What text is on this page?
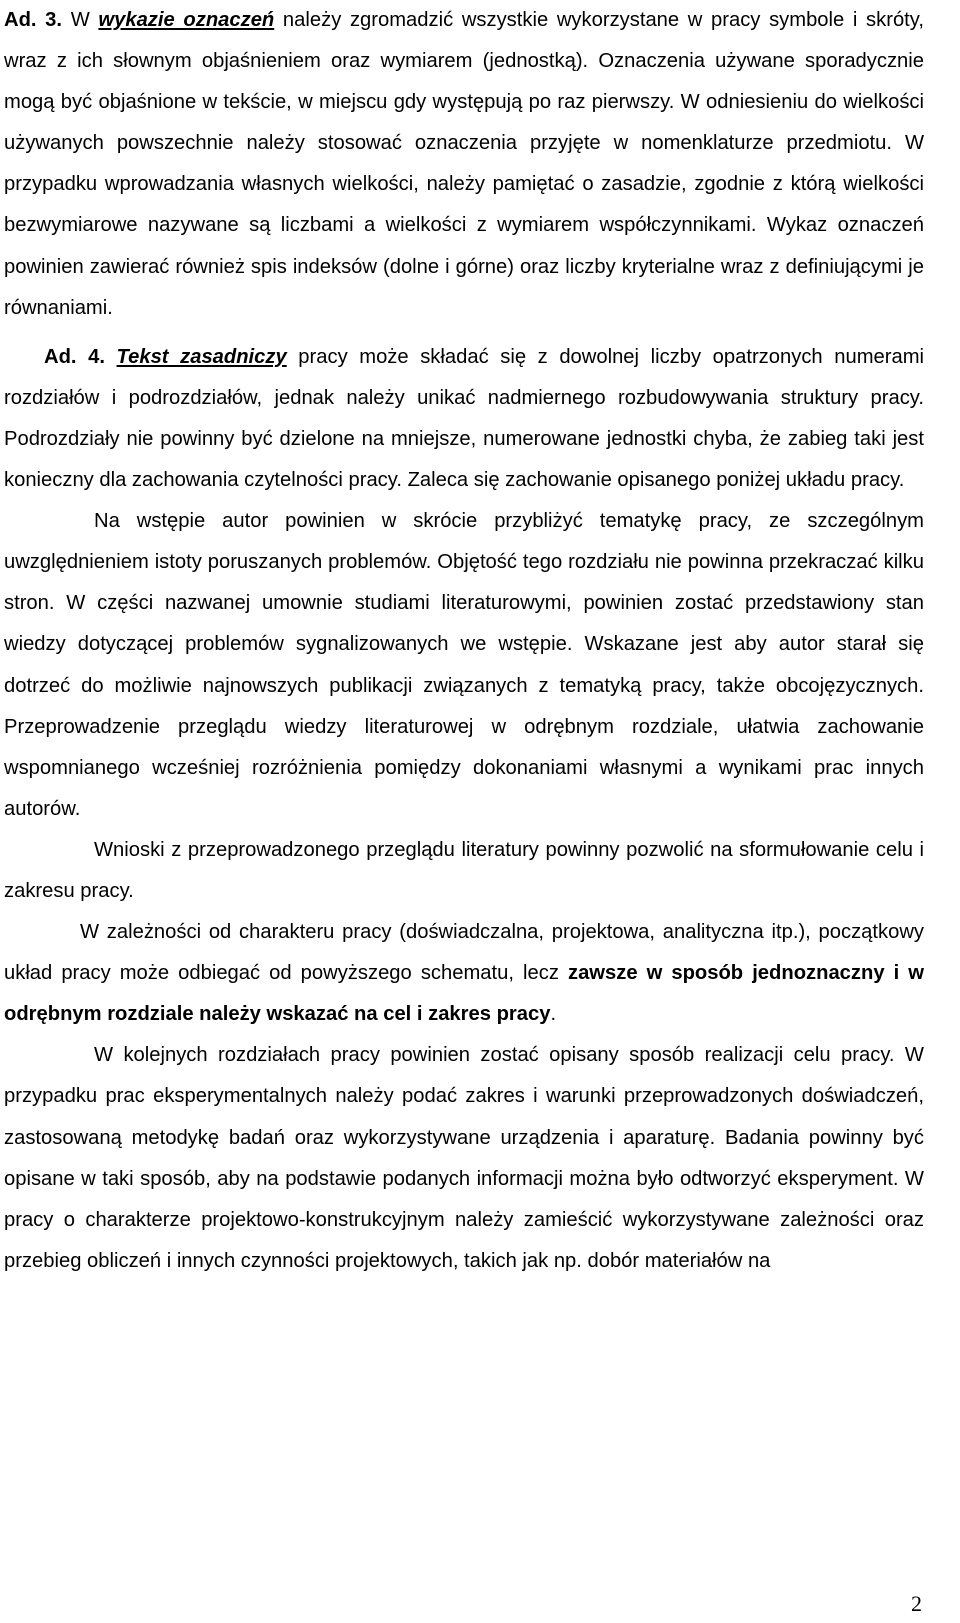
Ad. 3. W wykazie oznaczeń należy zgromadzić wszystkie wykorzystane w pracy symbole i skróty, wraz z ich słownym objaśnieniem oraz wymiarem (jednostką). Oznaczenia używane sporadycznie mogą być objaśnione w tekście, w miejscu gdy występują po raz pierwszy. W odniesieniu do wielkości używanych powszechnie należy stosować oznaczenia przyjęte w nomenklaturze przedmiotu. W przypadku wprowadzania własnych wielkości, należy pamiętać o zasadzie, zgodnie z którą wielkości bezwymiarowe nazywane są liczbami a wielkości z wymiarem współczynnikami. Wykaz oznaczeń powinien zawierać również spis indeksów (dolne i górne) oraz liczby kryterialne wraz z definiującymi je równaniami.

Ad. 4. Tekst zasadniczy pracy może składać się z dowolnej liczby opatrzonych numerami rozdziałów i podrozdziałów, jednak należy unikać nadmiernego rozbudowywania struktury pracy. Podrozdziały nie powinny być dzielone na mniejsze, numerowane jednostki chyba, że zabieg taki jest konieczny dla zachowania czytelności pracy. Zaleca się zachowanie opisanego poniżej układu pracy.

Na wstępie autor powinien w skrócie przybliżyć tematykę pracy, ze szczególnym uwzględnieniem istoty poruszanych problemów. Objętość tego rozdziału nie powinna przekraczać kilku stron. W części nazwanej umownie studiami literaturowymi, powinien zostać przedstawiony stan wiedzy dotyczącej problemów sygnalizowanych we wstępie. Wskazane jest aby autor starał się dotrzeć do możliwie najnowszych publikacji związanych z tematyką pracy, także obcojęzycznych. Przeprowadzenie przeglądu wiedzy literaturowej w odrębnym rozdziale, ułatwia zachowanie wspomnianego wcześniej rozróżnienia pomiędzy dokonaniami własnymi a wynikami prac innych autorów.

Wnioski z przeprowadzonego przeglądu literatury powinny pozwolić na sformułowanie celu i zakresu pracy.

W zależności od charakteru pracy (doświadczalna, projektowa, analityczna itp.), początkowy układ pracy może odbiegać od powyższego schematu, lecz zawsze w sposób jednoznaczny i w odrębnym rozdziale należy wskazać na cel i zakres pracy.

W kolejnych rozdziałach pracy powinien zostać opisany sposób realizacji celu pracy. W przypadku prac eksperymentalnych należy podać zakres i warunki przeprowadzonych doświadczeń, zastosowaną metodykę badań oraz wykorzystywane urządzenia i aparaturę. Badania powinny być opisane w taki sposób, aby na podstawie podanych informacji można było odtworzyć eksperyment. W pracy o charakterze projektowo-konstrukcyjnym należy zamieścić wykorzystywane zależności oraz przebieg obliczeń i innych czynności projektowych, takich jak np. dobór materiałów na

2
